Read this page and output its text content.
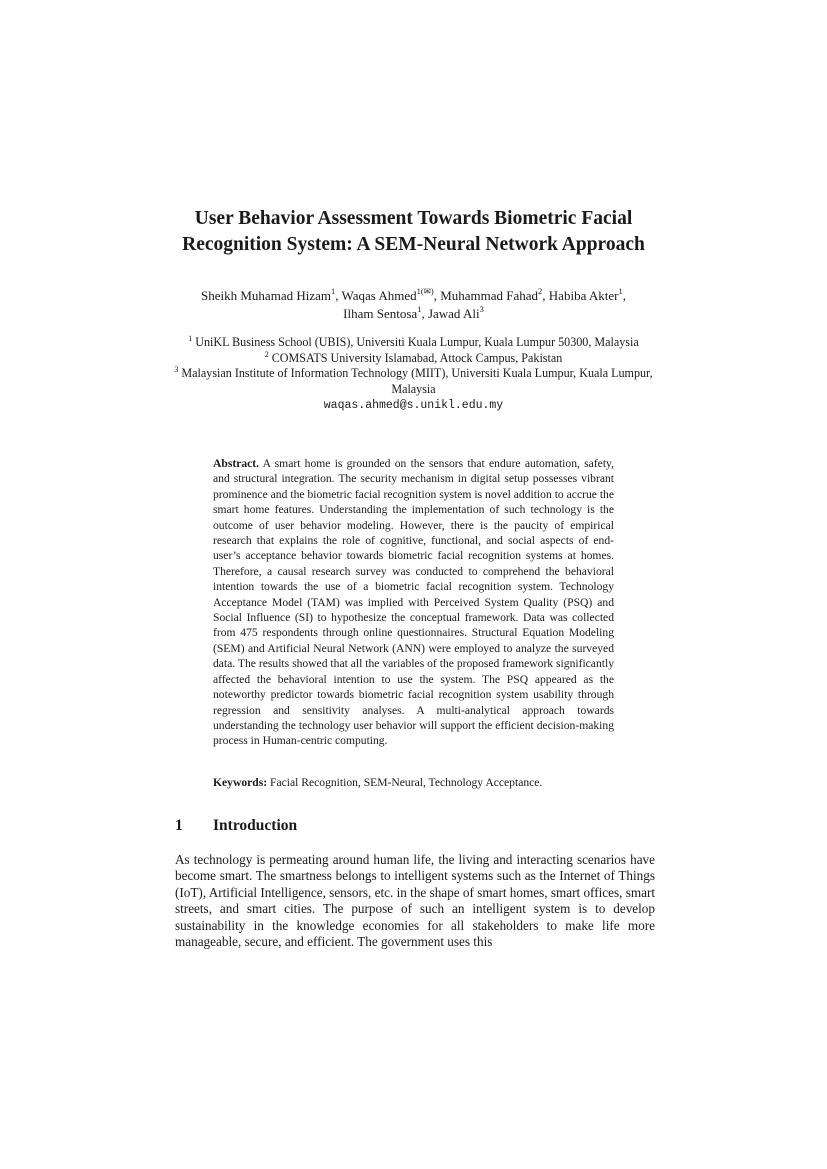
User Behavior Assessment Towards Biometric Facial Recognition System: A SEM-Neural Network Approach
Sheikh Muhamad Hizam$^1$, Waqas Ahmed$^{1(✉)}$, Muhammad Fahad$^2$, Habiba Akter$^1$,
Ilham Sentosa$^1$, Jawad Ali$^3$
$^1$ UniKL Business School (UBIS), Universiti Kuala Lumpur, Kuala Lumpur 50300, Malaysia
$^2$ COMSATS University Islamabad, Attock Campus, Pakistan
$^3$ Malaysian Institute of Information Technology (MIIT), Universiti Kuala Lumpur, Kuala Lumpur, Malaysia
waqas.ahmed@s.unikl.edu.my
Abstract. A smart home is grounded on the sensors that endure automation, safety, and structural integration. The security mechanism in digital setup possesses vibrant prominence and the biometric facial recognition system is novel addition to accrue the smart home features. Understanding the implementation of such technology is the outcome of user behavior modeling. However, there is the paucity of empirical research that explains the role of cognitive, functional, and social aspects of end-user’s acceptance behavior towards biometric facial recognition systems at homes. Therefore, a causal research survey was conducted to comprehend the behavioral intention towards the use of a biometric facial recognition system. Technology Acceptance Model (TAM) was implied with Perceived System Quality (PSQ) and Social Influence (SI) to hypothesize the conceptual framework. Data was collected from 475 respondents through online questionnaires. Structural Equation Modeling (SEM) and Artificial Neural Network (ANN) were employed to analyze the surveyed data. The results showed that all the variables of the proposed framework significantly affected the behavioral intention to use the system. The PSQ appeared as the noteworthy predictor towards biometric facial recognition system usability through regression and sensitivity analyses. A multi-analytical approach towards understanding the technology user behavior will support the efficient decision-making process in Human-centric computing.
Keywords: Facial Recognition, SEM-Neural, Technology Acceptance.
1 Introduction
As technology is permeating around human life, the living and interacting scenarios have become smart. The smartness belongs to intelligent systems such as the Internet of Things (IoT), Artificial Intelligence, sensors, etc. in the shape of smart homes, smart offices, smart streets, and smart cities. The purpose of such an intelligent system is to develop sustainability in the knowledge economies for all stakeholders to make life more manageable, secure, and efficient. The government uses this
